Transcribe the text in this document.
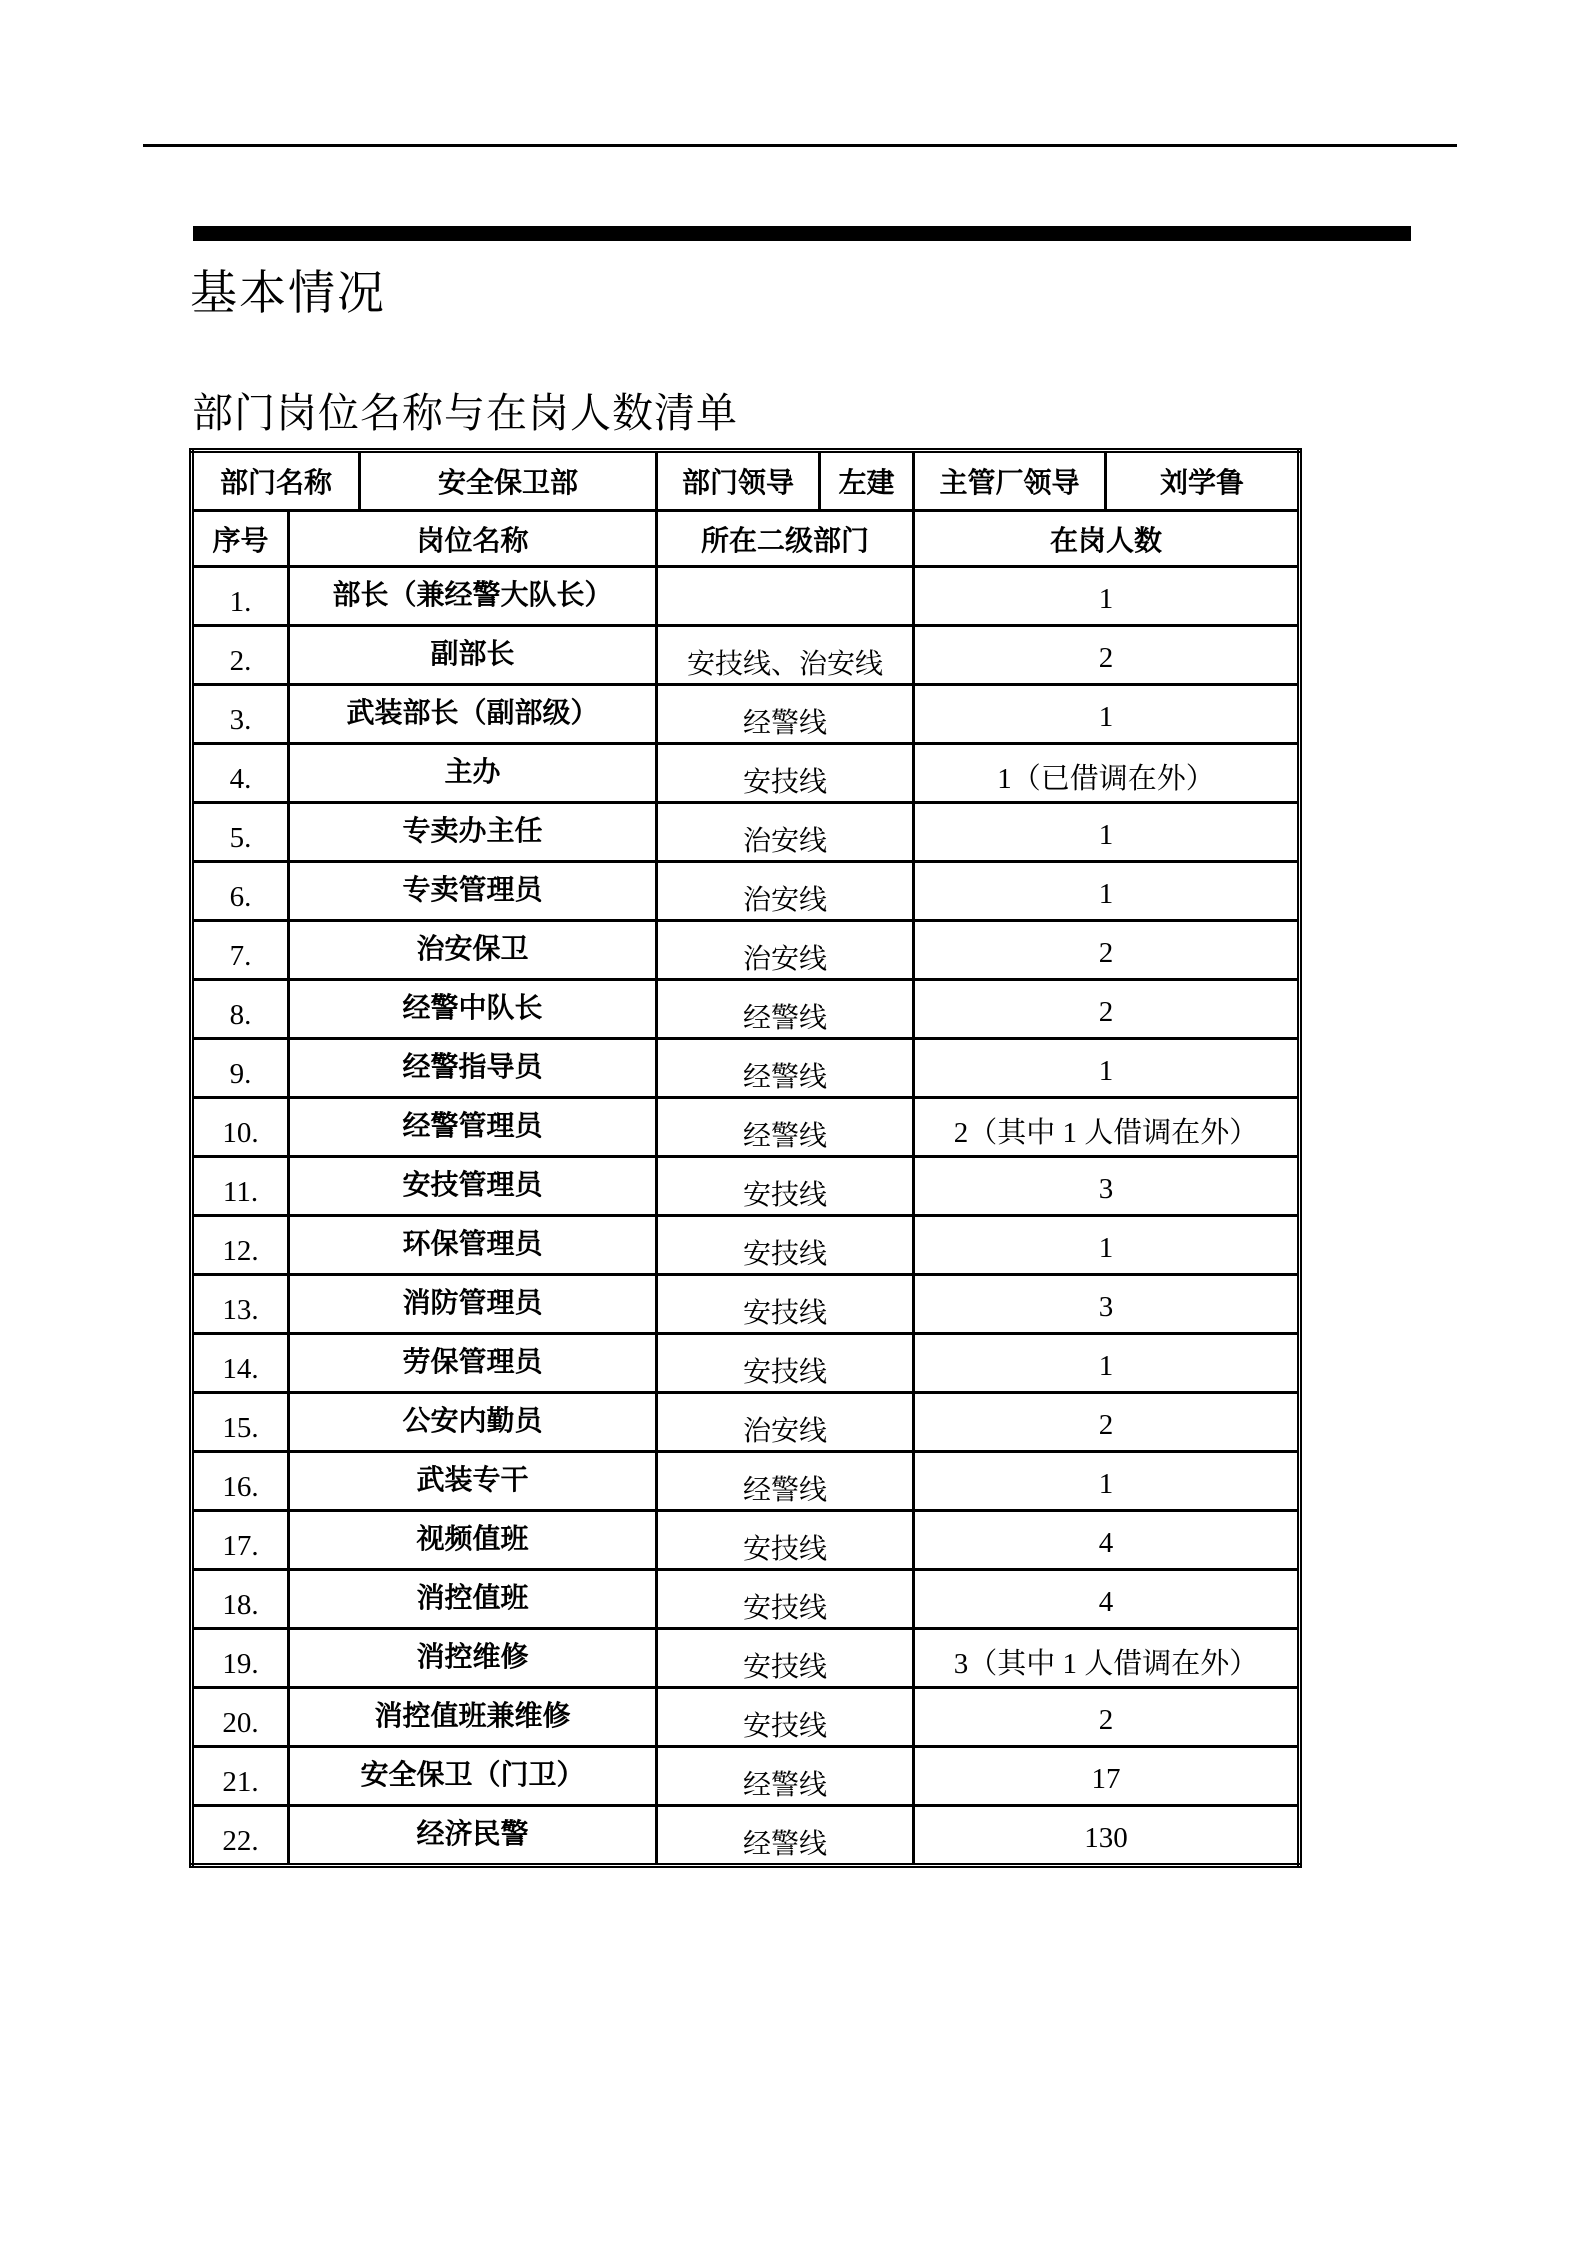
基本情况
部门岗位名称与在岗人数清单
部门名称		安全保卫部	部门领导	左建	主管厂领导	刘学鲁
序号	岗位名称		所在二级部门		在岗人数	
1.	部长（兼经警大队长）				1	
2.	副部长		安技线、治安线		2	
3.	武装部长（副部级）		经警线		1	
4.	主办		安技线		1（已借调在外）	
5.	专卖办主任		治安线		1	
6.	专卖管理员		治安线		1	
7.	治安保卫		治安线		2	
8.	经警中队长		经警线		2	
9.	经警指导员		经警线		1	
10.	经警管理员		经警线		2（其中 1 人借调在外）	
11.	安技管理员		安技线		3	
12.	环保管理员		安技线		1	
13.	消防管理员		安技线		3	
14.	劳保管理员		安技线		1	
15.	公安内勤员		治安线		2	
16.	武装专干		经警线		1	
17.	视频值班		安技线		4	
18.	消控值班		安技线		4	
19.	消控维修		安技线		3（其中 1 人借调在外）	
20.	消控值班兼维修		安技线		2	
21.	安全保卫（门卫）		经警线		17	
22.	经济民警		经警线		130	
